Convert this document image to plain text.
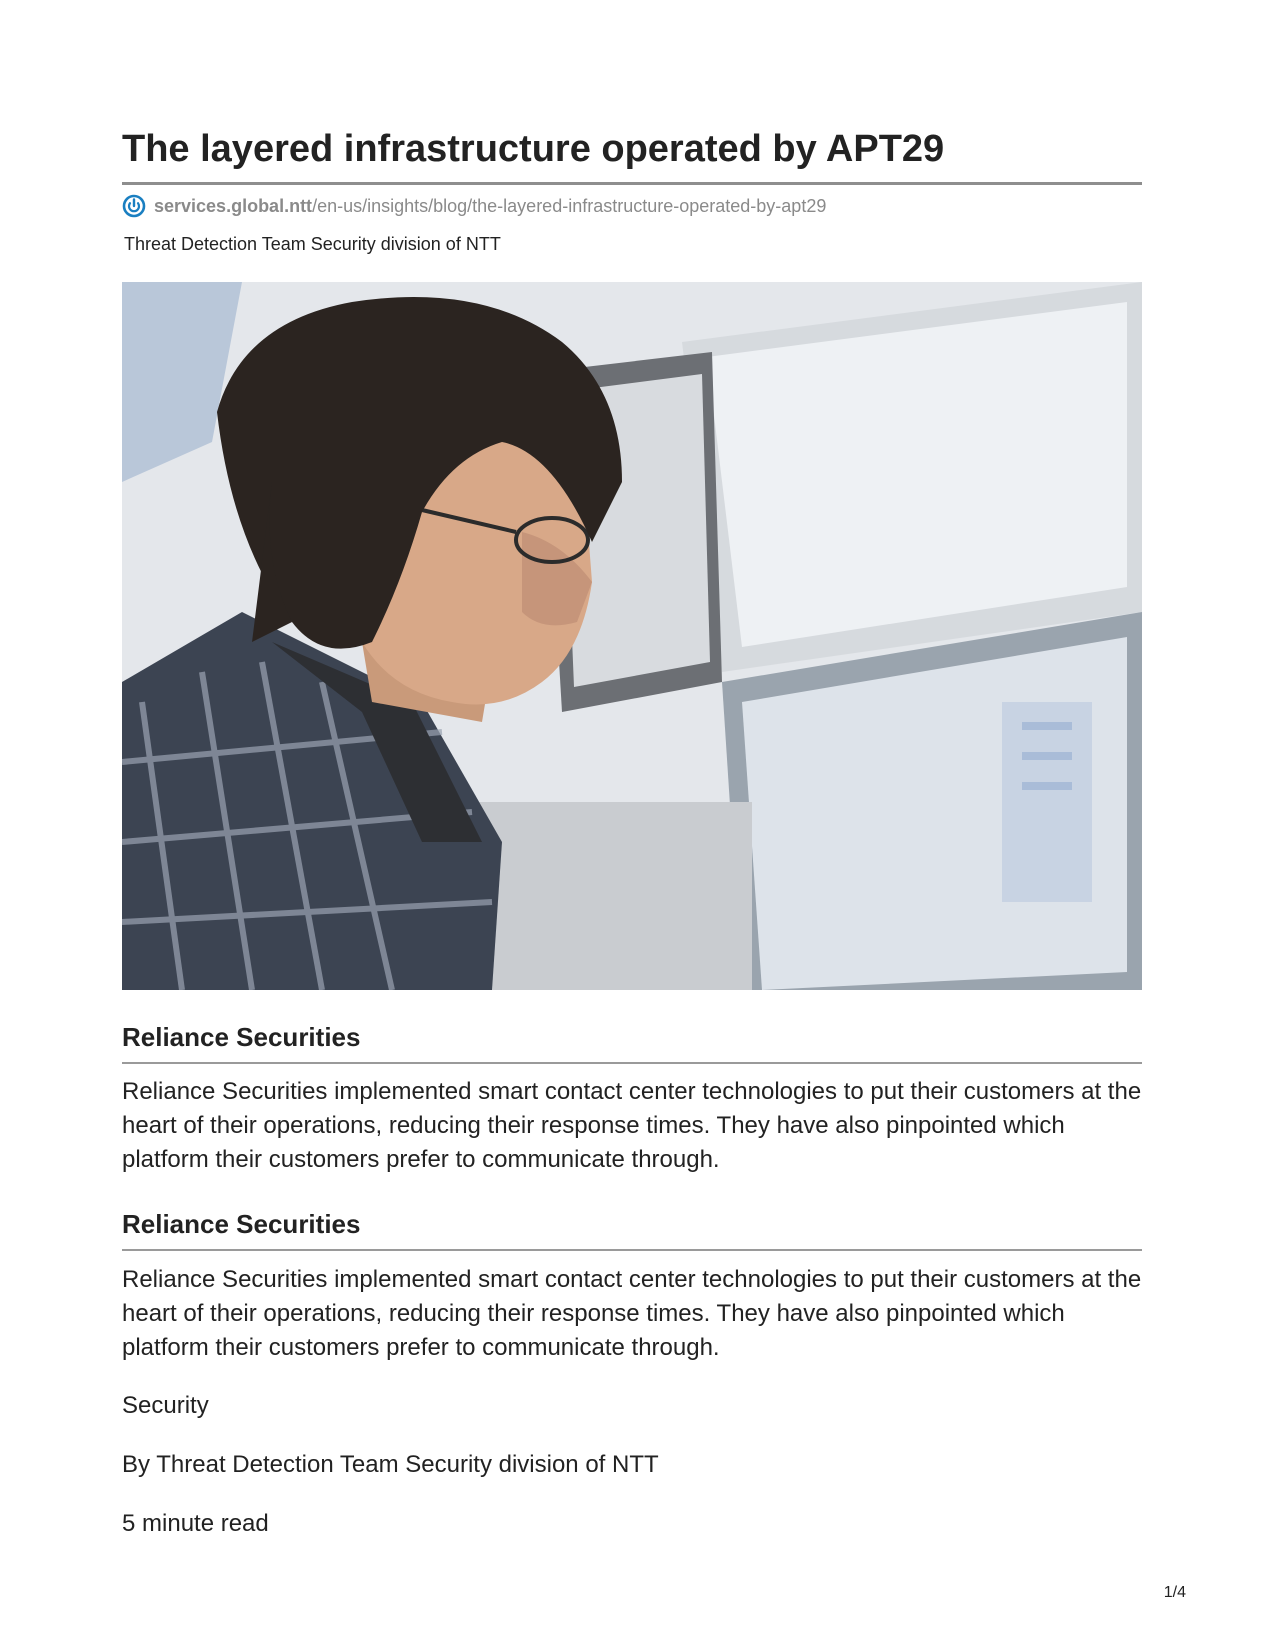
The layered infrastructure operated by APT29
services.global.ntt /en-us/insights/blog/the-layered-infrastructure-operated-by-apt29
Threat Detection Team Security division of NTT
Reliance Securities

Reliance Securities implemented smart contact center technologies to put their customers at the heart of their operations, reducing their response times. They have also pinpointed which platform their customers prefer to communicate through.

Reliance Securities

Reliance Securities implemented smart contact center technologies to put their customers at the heart of their operations, reducing their response times. They have also pinpointed which platform their customers prefer to communicate through.

Security

By Threat Detection Team Security division of NTT

5 minute read

1/4
